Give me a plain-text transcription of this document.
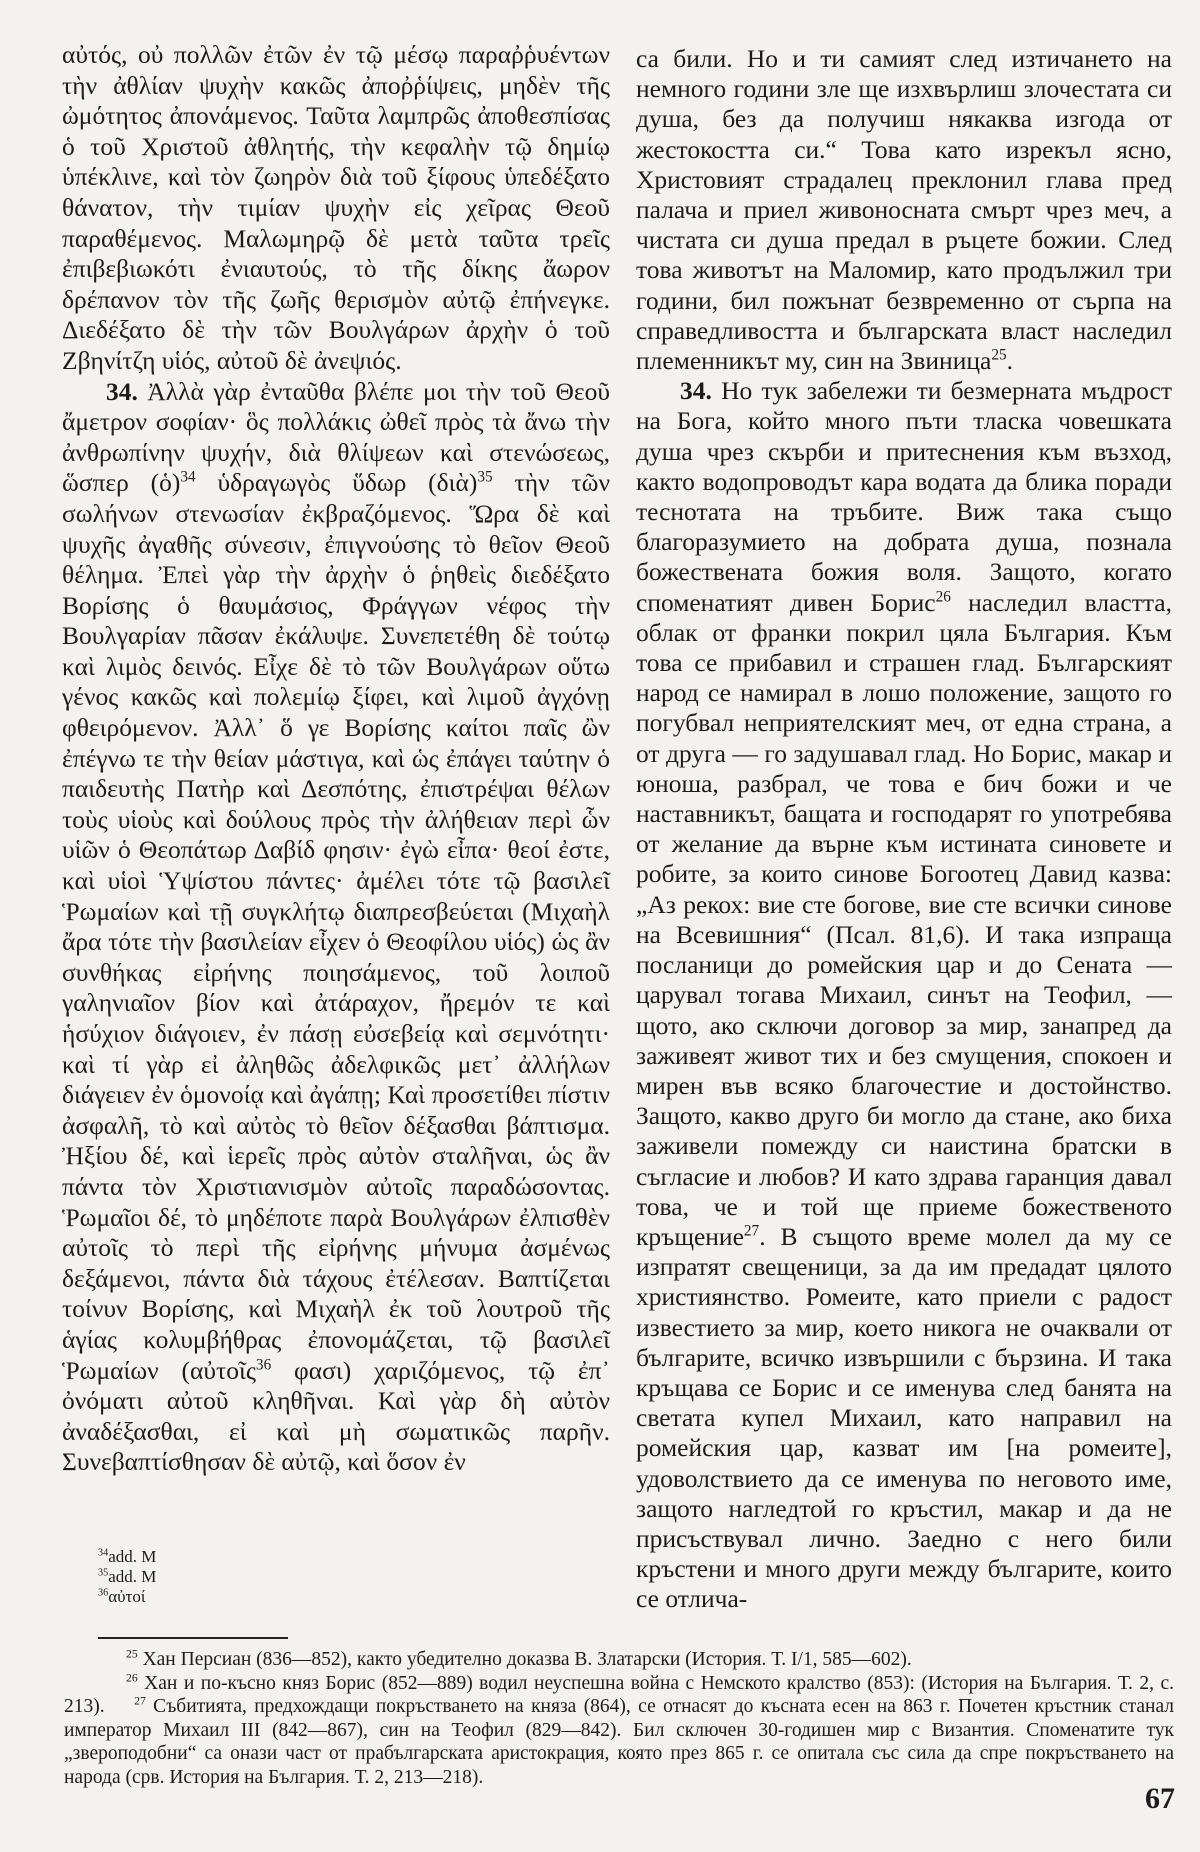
αὐτός, οὐ πολλῶν ἐτῶν ἐν τῷ μέσῳ παραῤῥυέντων τὴν ἀθλίαν ψυχὴν κακῶς ἀποῤῥίψεις, μηδὲν τῆς ὠμότητος ἀπονάμενος. Ταῦτα λαμπρῶς ἀποθεσπίσας ὁ τοῦ Χριστοῦ ἀθλητής, τὴν κεφαλὴν τῷ δημίῳ ὑπέκλινε, καὶ τὸν ζωηρὸν διὰ τοῦ ξίφους ὑπεδέξατο θάνατον, τὴν τιμίαν ψυχὴν εἰς χεῖρας Θεοῦ παραθέμενος. Μαλωμηρῷ δὲ μετὰ ταῦτα τρεῖς ἐπιβεβιωκότι ἐνιαυτούς, τὸ τῆς δίκης ἄωρον δρέπανον τὸν τῆς ζωῆς θερισμὸν αὐτῷ ἐπήνεγκε. Διεδέξατο δὲ τὴν τῶν Βουλγάρων ἀρχὴν ὁ τοῦ Ζβηνίτζη υἱός, αὐτοῦ δὲ ἀνεψιός.

34. Ἀλλὰ γὰρ ἐνταῦθα βλέπε μοι τὴν τοῦ Θεοῦ ἄμετρον σοφίαν· ὃς πολλάκις ὠθεῖ πρὸς τὰ ἄνω τὴν ἀνθρωπίνην ψυχήν, διὰ θλίψεων καὶ στενώσεως, ὥσπερ (ὁ)$^{34}$ ὑδραγωγὸς ὕδωρ (διὰ)$^{35}$ τὴν τῶν σωλήνων στενωσίαν ἐκβραζόμενος. Ὥρα δὲ καὶ ψυχῆς ἀγαθῆς σύνεσιν, ἐπιγνούσης τὸ θεῖον Θεοῦ θέλημα. Ἐπεὶ γὰρ τὴν ἀρχὴν ὁ ῥηθεὶς διεδέξατο Βορίσης ὁ θαυμάσιος, Φράγγων νέφος τὴν Βουλγαρίαν πᾶσαν ἐκάλυψε. Συνεπετέθη δὲ τούτῳ καὶ λιμὸς δεινός. Εἶχε δὲ τὸ τῶν Βουλγάρων οὕτω γένος κακῶς καὶ πολεμίῳ ξίφει, καὶ λιμοῦ ἀγχόνῃ φθειρόμενον. Ἀλλ᾽ ὅ γε Βορίσης καίτοι παῖς ὢν ἐπέγνω τε τὴν θείαν μάστιγα, καὶ ὡς ἐπάγει ταύτην ὁ παιδευτὴς Πατὴρ καὶ Δεσπότης, ἐπιστρέψαι θέλων τοὺς υἱοὺς καὶ δούλους πρὸς τὴν ἀλήθειαν περὶ ὧν υἱῶν ὁ Θεοπάτωρ Δαβίδ φησιν· ἐγὼ εἶπα· θεοί ἐστε, καὶ υἱοὶ Ὑψίστου πάντες· ἀμέλει τότε τῷ βασιλεῖ Ῥωμαίων καὶ τῇ συγκλήτῳ διαπρεσβεύεται (Μιχαὴλ ἄρα τότε τὴν βασιλείαν εἶχεν ὁ Θεοφίλου υἱός) ὡς ἂν συνθήκας εἰρήνης ποιησάμενος, τοῦ λοιποῦ γαληνιαῖον βίον καὶ ἀτάραχον, ἤρεμόν τε καὶ ἡσύχιον διάγοιεν, ἐν πάσῃ εὐσεβείᾳ καὶ σεμνότητι· καὶ τί γὰρ εἰ ἀληθῶς ἀδελφικῶς μετ᾽ ἀλλήλων διάγειεν ἐν ὁμονοίᾳ καὶ ἀγάπῃ; Καὶ προσετίθει πίστιν ἀσφαλῆ, τὸ καὶ αὐτὸς τὸ θεῖον δέξασθαι βάπτισμα. Ἠξίου δέ, καὶ ἱερεῖς πρὸς αὐτὸν σταλῆναι, ὡς ἂν πάντα τὸν Χριστιανισμὸν αὐτοῖς παραδώσοντας. Ῥωμαῖοι δέ, τὸ μηδέποτε παρὰ Βουλγάρων ἐλπισθὲν αὐτοῖς τὸ περὶ τῆς εἰρήνης μήνυμα ἀσμένως δεξάμενοι, πάντα διὰ τάχους ἐτέλεσαν. Βαπτίζεται τοίνυν Βορίσης, καὶ Μιχαὴλ ἐκ τοῦ λουτροῦ τῆς ἁγίας κολυμβήθρας ἐπονομάζεται, τῷ βασιλεῖ Ῥωμαίων (αὐτοῖς$^{36}$ φασι) χαριζόμενος, τῷ ἐπ᾽ ὀνόματι αὐτοῦ κληθῆναι. Καὶ γὰρ δὴ αὐτὸν ἀναδέξασθαι, εἰ καὶ μὴ σωματικῶς παρῆν. Συνεβαπτίσθησαν δὲ αὐτῷ, καὶ ὅσον ἐν

$^{34}$add. M
$^{35}$add. M
$^{36}$αὐτοί

са били. Но и ти самият след изтичането на немного години зле ще изхвърлиш злочестата си душа, без да получиш някаква изгода от жестокостта си.“ Това като изрекъл ясно, Христовият страдалец преклонил глава пред палача и приел живоносната смърт чрез меч, а чистата си душа предал в ръцете божии. След това животът на Маломир, като продължил три години, бил пожънат безвременно от сърпа на справедливостта и българската власт наследил племенникът му, син на Звиница$^{25}$.

34. Но тук забележи ти безмерната мъдрост на Бога, който много пъти тласка човешката душа чрез скърби и притеснения към възход, както водопроводът кара водата да блика поради теснотата на тръбите. Виж така също благоразумието на добрата душа, познала божествената божия воля. Защото, когато споменатият дивен Борис$^{26}$ наследил властта, облак от франки покрил цяла България. Към това се прибавил и страшен глад. Българският народ се намирал в лошо положение, защото го погубвал неприятелският меч, от една страна, а от друга — го задушавал глад. Но Борис, макар и юноша, разбрал, че това е бич божи и че наставникът, бащата и господарят го употребява от желание да върне към истината синовете и робите, за които синове Богоотец Давид казва: „Аз рекох: вие сте богове, вие сте всички синове на Всевишния“ (Псал. 81,6). И така изпраща посланици до ромейския цар и до Сената — царувал тогава Михаил, синът на Теофил, — щото, ако сключи договор за мир, занапред да заживеят живот тих и без смущения, спокоен и мирен във всяко благочестие и достойнство. Защото, какво друго би могло да стане, ако биха заживели помежду си наистина братски в съгласие и любов? И като здрава гаранция давал това, че и той ще приеме божественото кръщение$^{27}$. В същото време молел да му се изпратят свещеници, за да им предадат цялото християнство. Ромеите, като приели с радост известието за мир, което никога не очаквали от българите, всичко извършили с бързина. И така кръщава се Борис и се именува след банята на светата купел Михаил, като направил на ромейския цар, казват им [на ромеите], удоволствието да се именува по неговото име, защото нагледтой го кръстил, макар и да не присъствувал лично. Заедно с него били кръстени и много други между българите, които се отлича-

$^{25}$ Хан Персиан (836—852), както убедително доказва В. Златарски (История. Т. I/1, 585—602).

$^{26}$ Хан и по-късно княз Борис (852—889) водил неуспешна война с Немското кралство (853): (История на България. Т. 2, с. 213).	$^{27}$ Събитията, предхождащи покръстването на княза (864), се отнасят до късната есен на 863 г. Почетен кръстник станал император Михаил III (842—867), син на Теофил (829—842). Бил сключен 30-годишен мир с Византия. Споменатите тук „звероподобни“ са онази част от прабългарската аристокрация, която през 865 г. се опитала със сила да спре покръстването на народа (срв. История на България. Т. 2, 213—218).

67
